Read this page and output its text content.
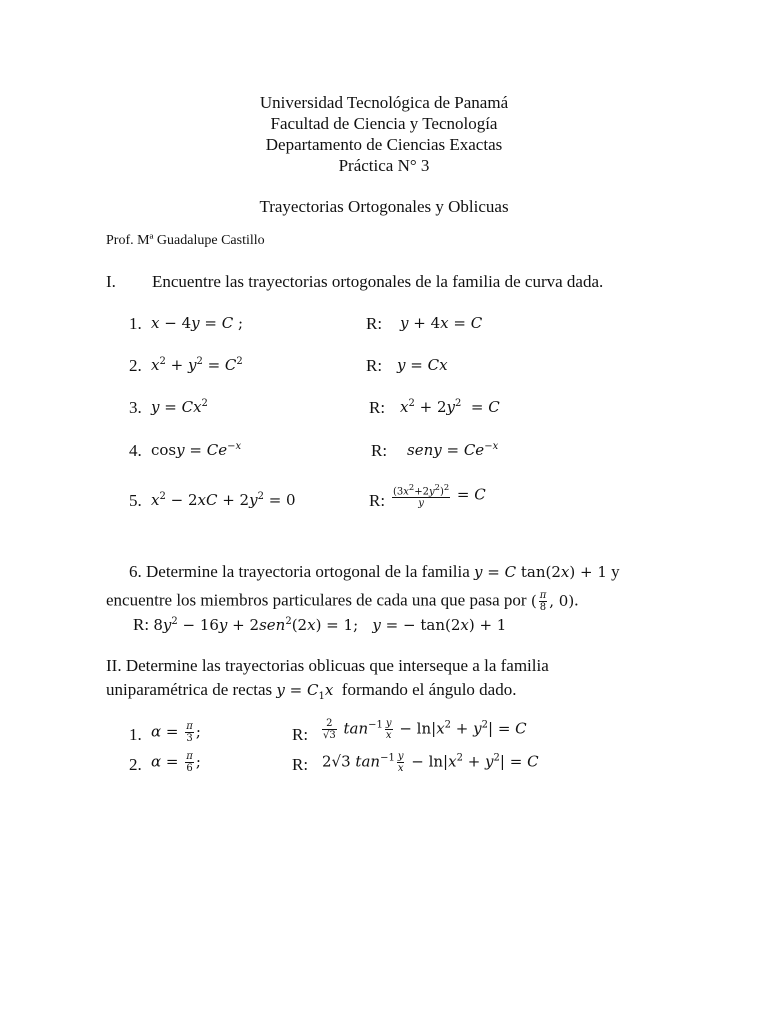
Universidad Tecnológica de Panamá
Facultad de Ciencia y Tecnología
Departamento de Ciencias Exactas
Práctica N° 3
Trayectorias Ortogonales y Oblicuas
Prof. Mª Guadalupe Castillo
I. Encuentre las trayectorias ortogonales de la familia de curva dada.
1. x − 4y = C ;	R: y + 4x = C
2. $x^2 + y^2 = C^2$	R: y = Cx
3. $y = Cx^2$	R: $x^2 + 2y^2 = C$
4. $\cos y = Ce^{-x}$	R: seny = $Ce^{-x}$
5. $x^2 - 2xC + 2y^2 = 0$	R: $\frac{(3x^2+2y^2)^2}{y} = C$
6. Determine la trayectoria ortogonal de la familia y = C tan(2x) + 1 y
encuentre los miembros particulares de cada una que pasa por ( $\frac{\pi}{8}$ , 0).
R: $8y^2 - 16y + 2sen^2(2x) = 1$;   y = − tan(2x) + 1
II. Determine las trayectorias oblicuas que interseque a la familia
uniparamétrica de rectas $y = C_1x$  formando el ángulo dado.
1. $\alpha = \frac{\pi}{3}$ ;	R: $\frac{2}{√3} \tan^{-1} \frac{y}{x} - \ln|x^2 + y^2| = C$
2. $\alpha = \frac{\pi}{6}$ ;	R: 2√3 $\tan^{-1} \frac{y}{x} - \ln|x^2 + y^2| = C$
